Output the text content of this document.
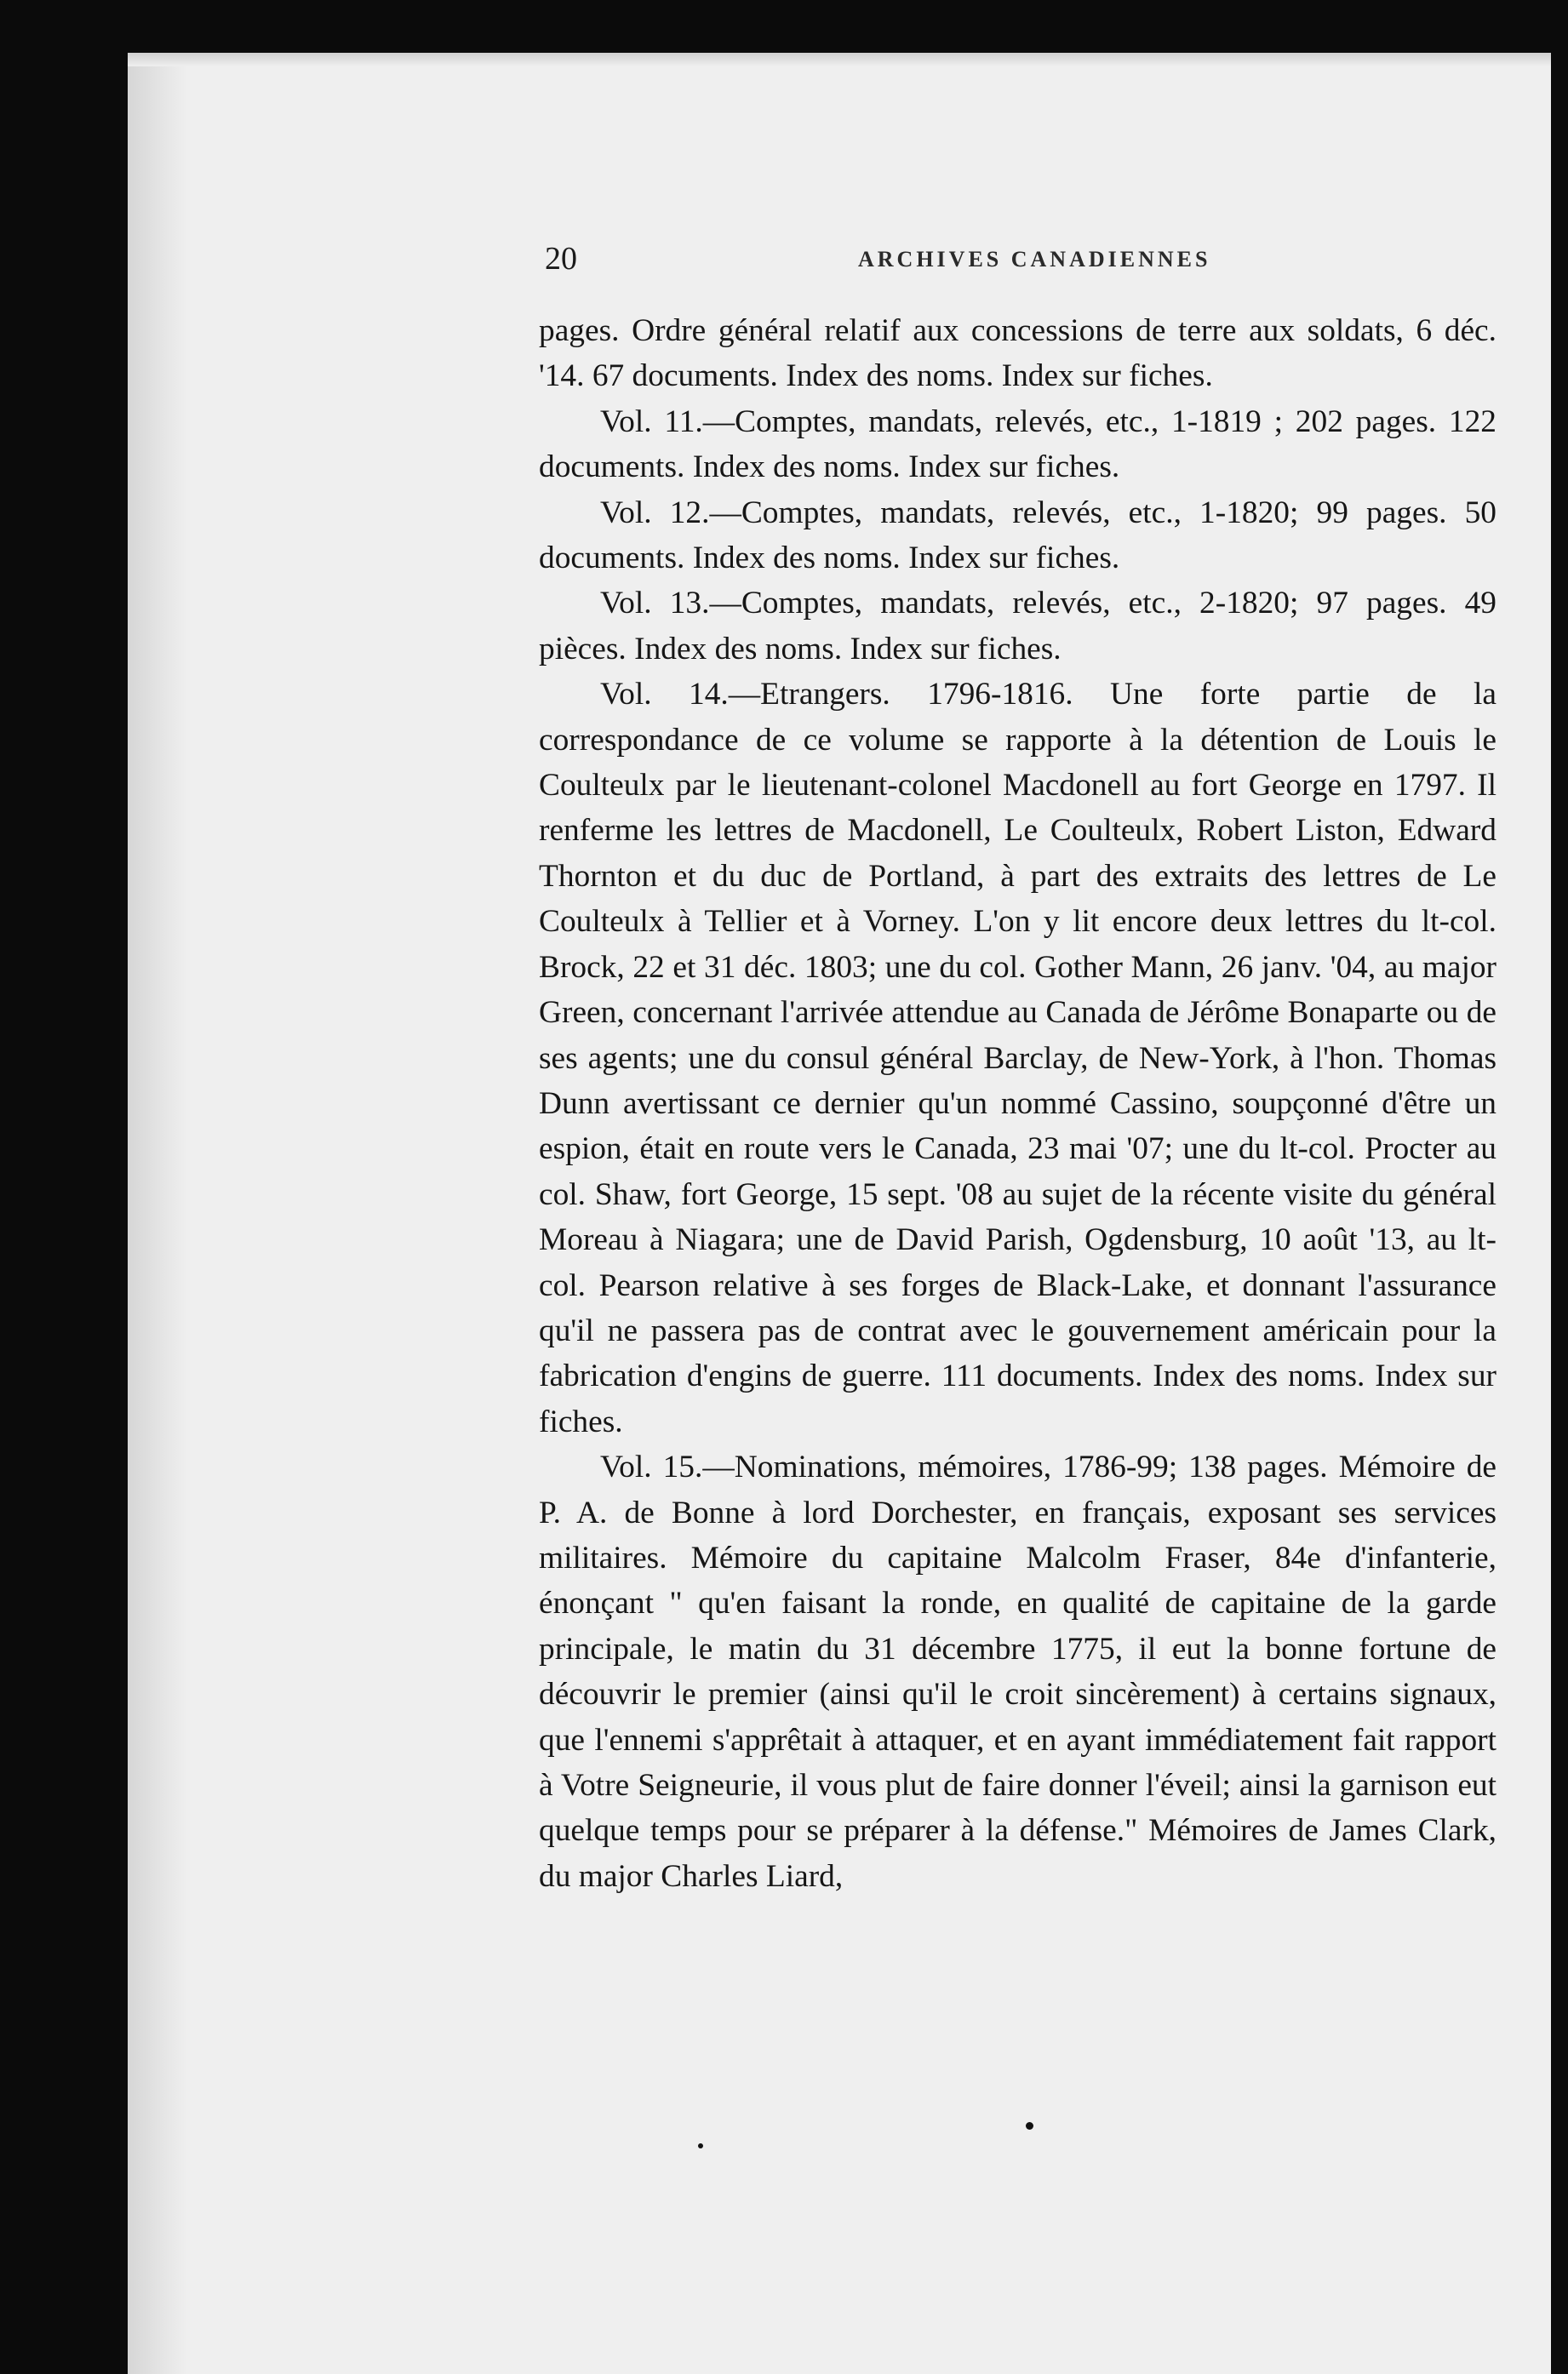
20	ARCHIVES CANADIENNES

pages. Ordre général relatif aux concessions de terre aux soldats, 6 déc. '14. 67 documents. Index des noms. Index sur fiches.

Vol. 11.—Comptes, mandats, relevés, etc., 1-1819 ; 202 pages. 122 documents. Index des noms. Index sur fiches.

Vol. 12.—Comptes, mandats, relevés, etc., 1-1820; 99 pages. 50 documents. Index des noms. Index sur fiches.

Vol. 13.—Comptes, mandats, relevés, etc., 2-1820; 97 pages. 49 pièces. Index des noms. Index sur fiches.

Vol. 14.—Etrangers. 1796-1816. Une forte partie de la correspondance de ce volume se rapporte à la détention de Louis le Coulteulx par le lieutenant-colonel Macdonell au fort George en 1797. Il renferme les lettres de Macdonell, Le Coulteulx, Robert Liston, Edward Thornton et du duc de Portland, à part des extraits des lettres de Le Coulteulx à Tellier et à Vorney. L'on y lit encore deux lettres du lt-col. Brock, 22 et 31 déc. 1803; une du col. Gother Mann, 26 janv. '04, au major Green, concernant l'arrivée attendue au Canada de Jérôme Bonaparte ou de ses agents; une du consul général Barclay, de New-York, à l'hon. Thomas Dunn avertissant ce dernier qu'un nommé Cassino, soupçonné d'être un espion, était en route vers le Canada, 23 mai '07; une du lt-col. Procter au col. Shaw, fort George, 15 sept. '08 au sujet de la récente visite du général Moreau à Niagara; une de David Parish, Ogdensburg, 10 août '13, au lt-col. Pearson relative à ses forges de Black-Lake, et donnant l'assurance qu'il ne passera pas de contrat avec le gouvernement américain pour la fabrication d'engins de guerre. 111 documents. Index des noms. Index sur fiches.

Vol. 15.—Nominations, mémoires, 1786-99; 138 pages. Mémoire de P. A. de Bonne à lord Dorchester, en français, exposant ses services militaires. Mémoire du capitaine Malcolm Fraser, 84e d'infanterie, énonçant " qu'en faisant la ronde, en qualité de capitaine de la garde principale, le matin du 31 décembre 1775, il eut la bonne fortune de découvrir le premier (ainsi qu'il le croit sincèrement) à certains signaux, que l'ennemi s'apprêtait à attaquer, et en ayant immédiatement fait rapport à Votre Seigneurie, il vous plut de faire donner l'éveil; ainsi la garnison eut quelque temps pour se préparer à la défense." Mémoires de James Clark, du major Charles Liard,
